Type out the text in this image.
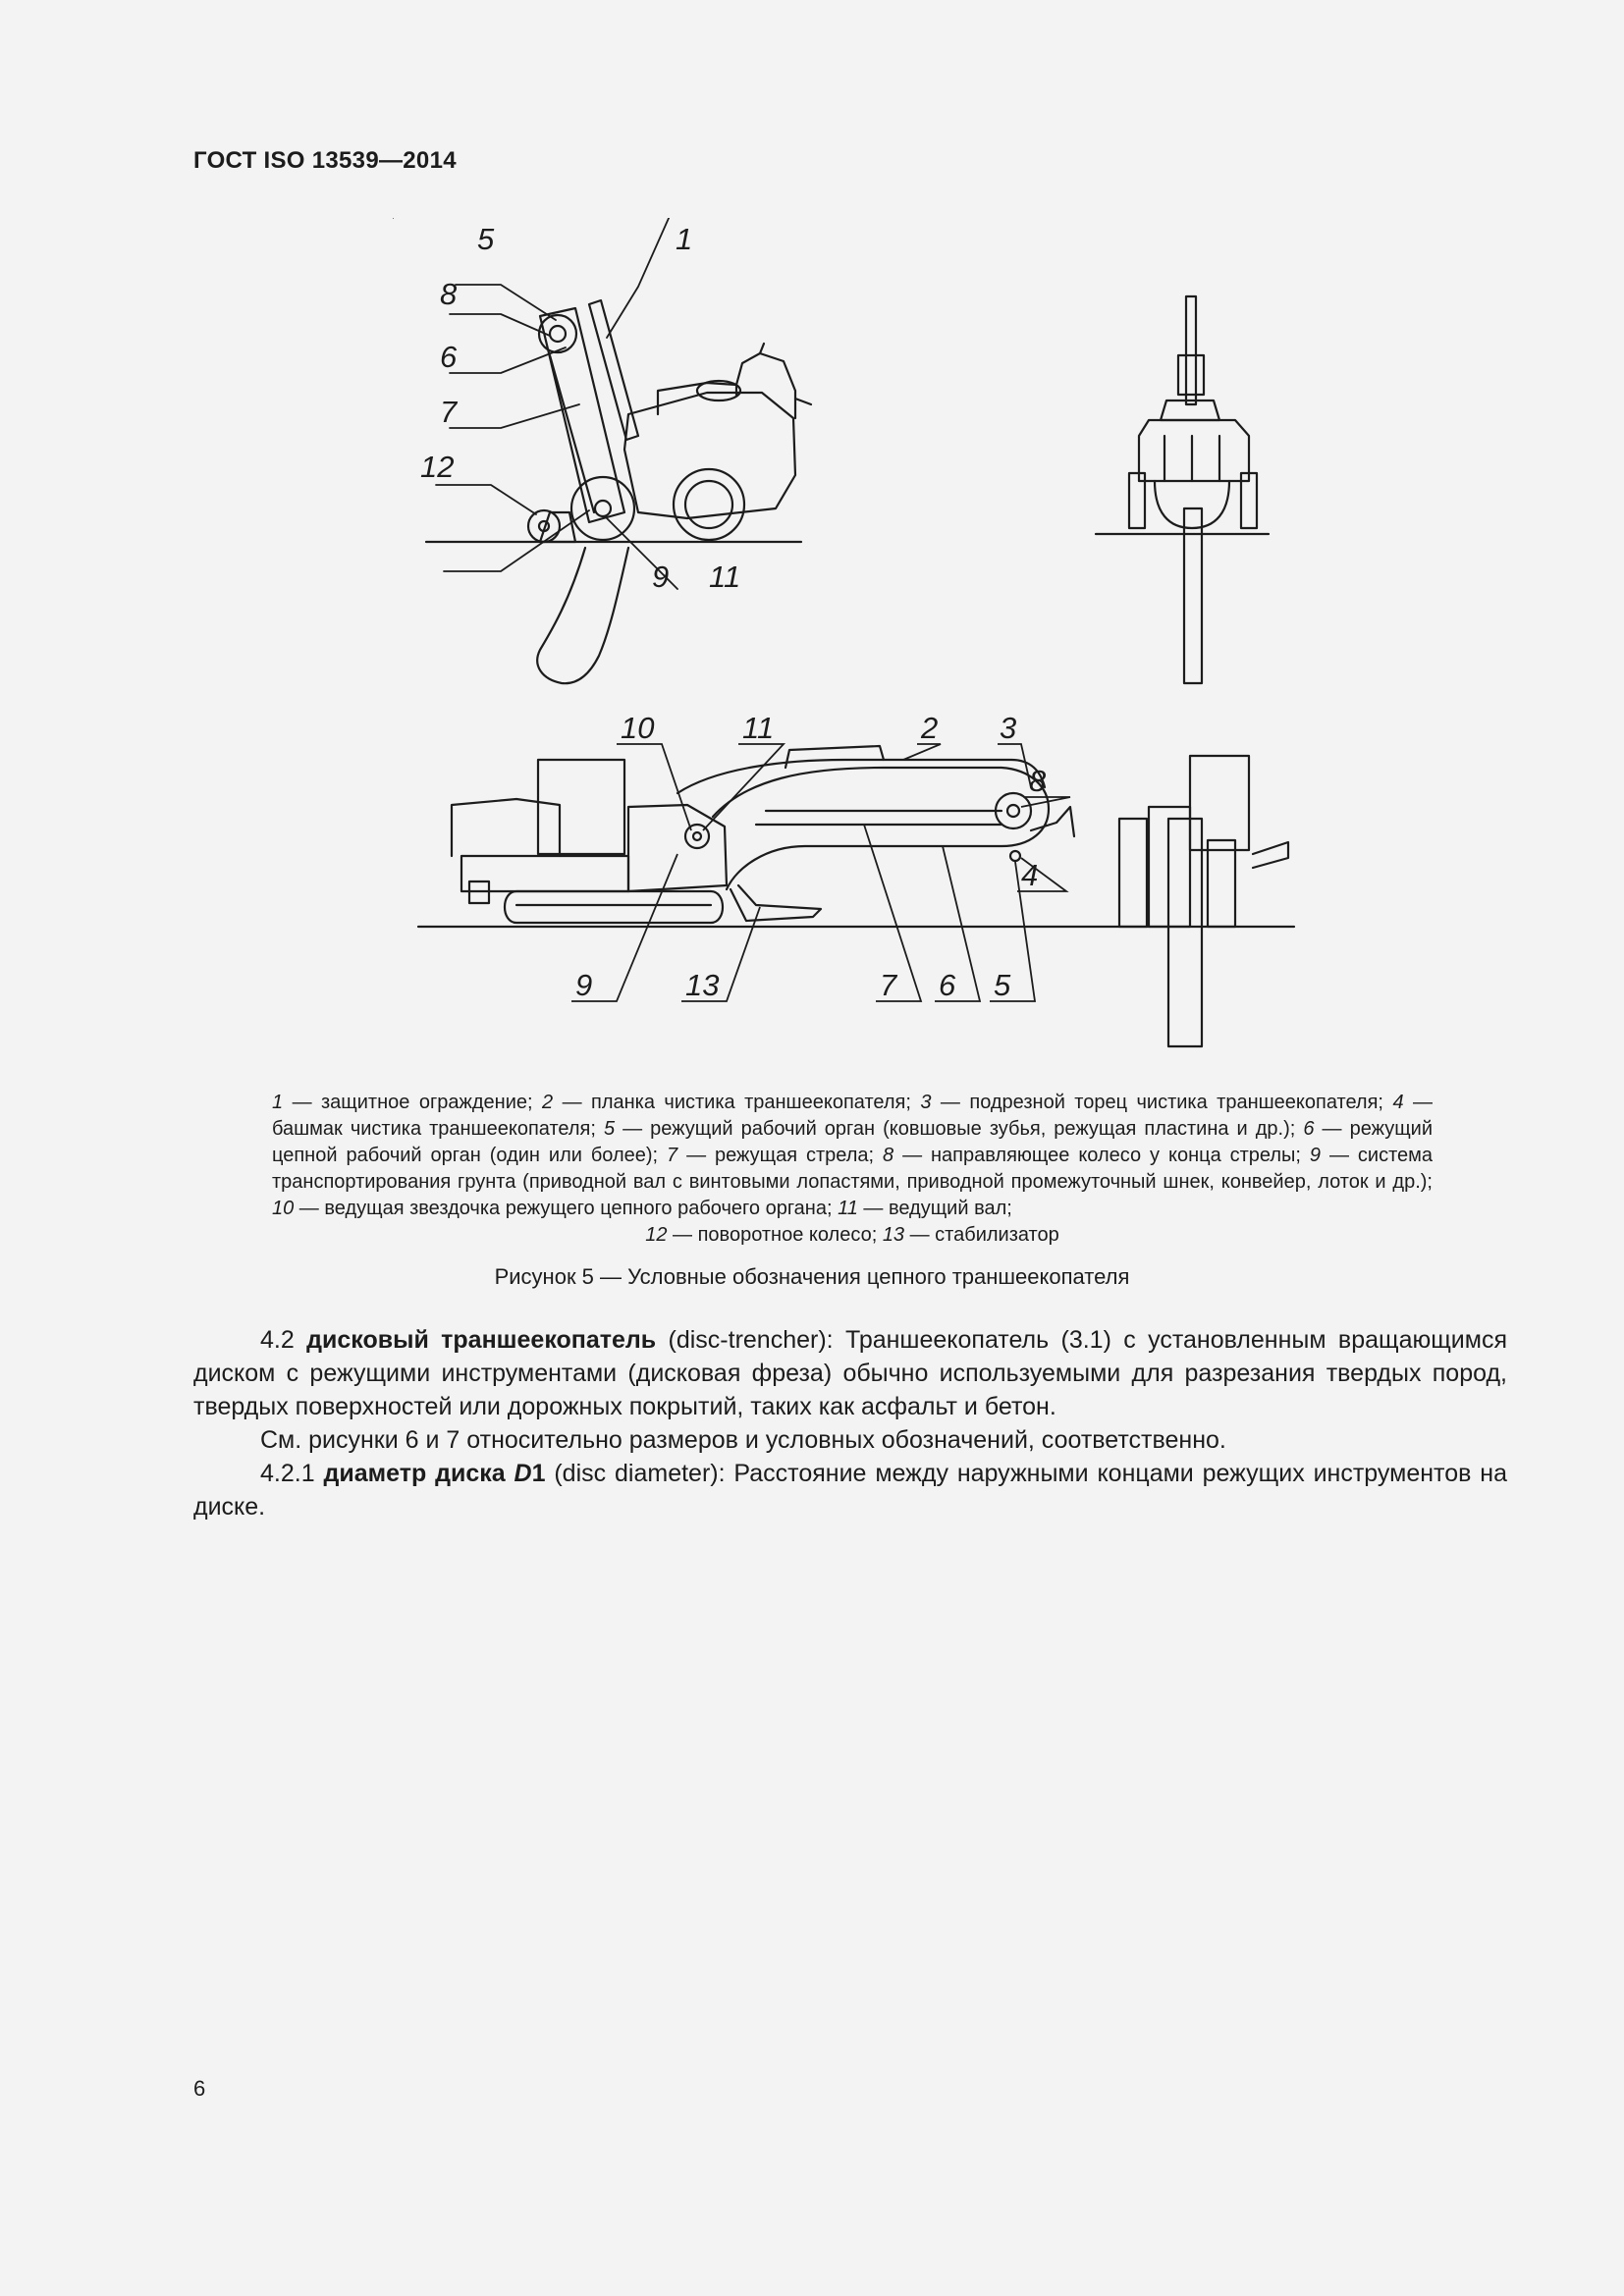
ГОСТ ISO 13539—2014
5	1
8
6
7
12
9 11
10	11	2 3
8
4
9	13	7 6 5
1 — защитное ограждение; 2 — планка чистика траншеекопателя; 3 — подрезной торец чистика траншеекопателя; 4 — башмак чистика траншеекопателя; 5 — режущий рабочий орган (ковшовые зубья, режущая пластина и др.); 6 — режущий цепной рабочий орган (один или более); 7 — режущая стрела; 8 — направляющее колесо у конца стрелы; 9 — система транспортирования грунта (приводной вал с винтовыми лопастями, приводной промежуточный шнек, конвейер, лоток и др.); 10 — ведущая звездочка режущего цепного рабочего органа; 11 — ведущий вал;
12 — поворотное колесо; 13 — стабилизатор
Рисунок 5 — Условные обозначения цепного траншеекопателя

4.2 дисковый траншеекопатель (disc-trencher): Траншеекопатель (3.1) с установленным вращающимся диском с режущими инструментами (дисковая фреза) обычно используемыми для разрезания твердых пород, твердых поверхностей или дорожных покрытий, таких как асфальт и бетон.

См. рисунки 6 и 7 относительно размеров и условных обозначений, соответственно.

4.2.1 диаметр диска D1 (disc diameter): Расстояние между наружными концами режущих инструментов на диске.

6
